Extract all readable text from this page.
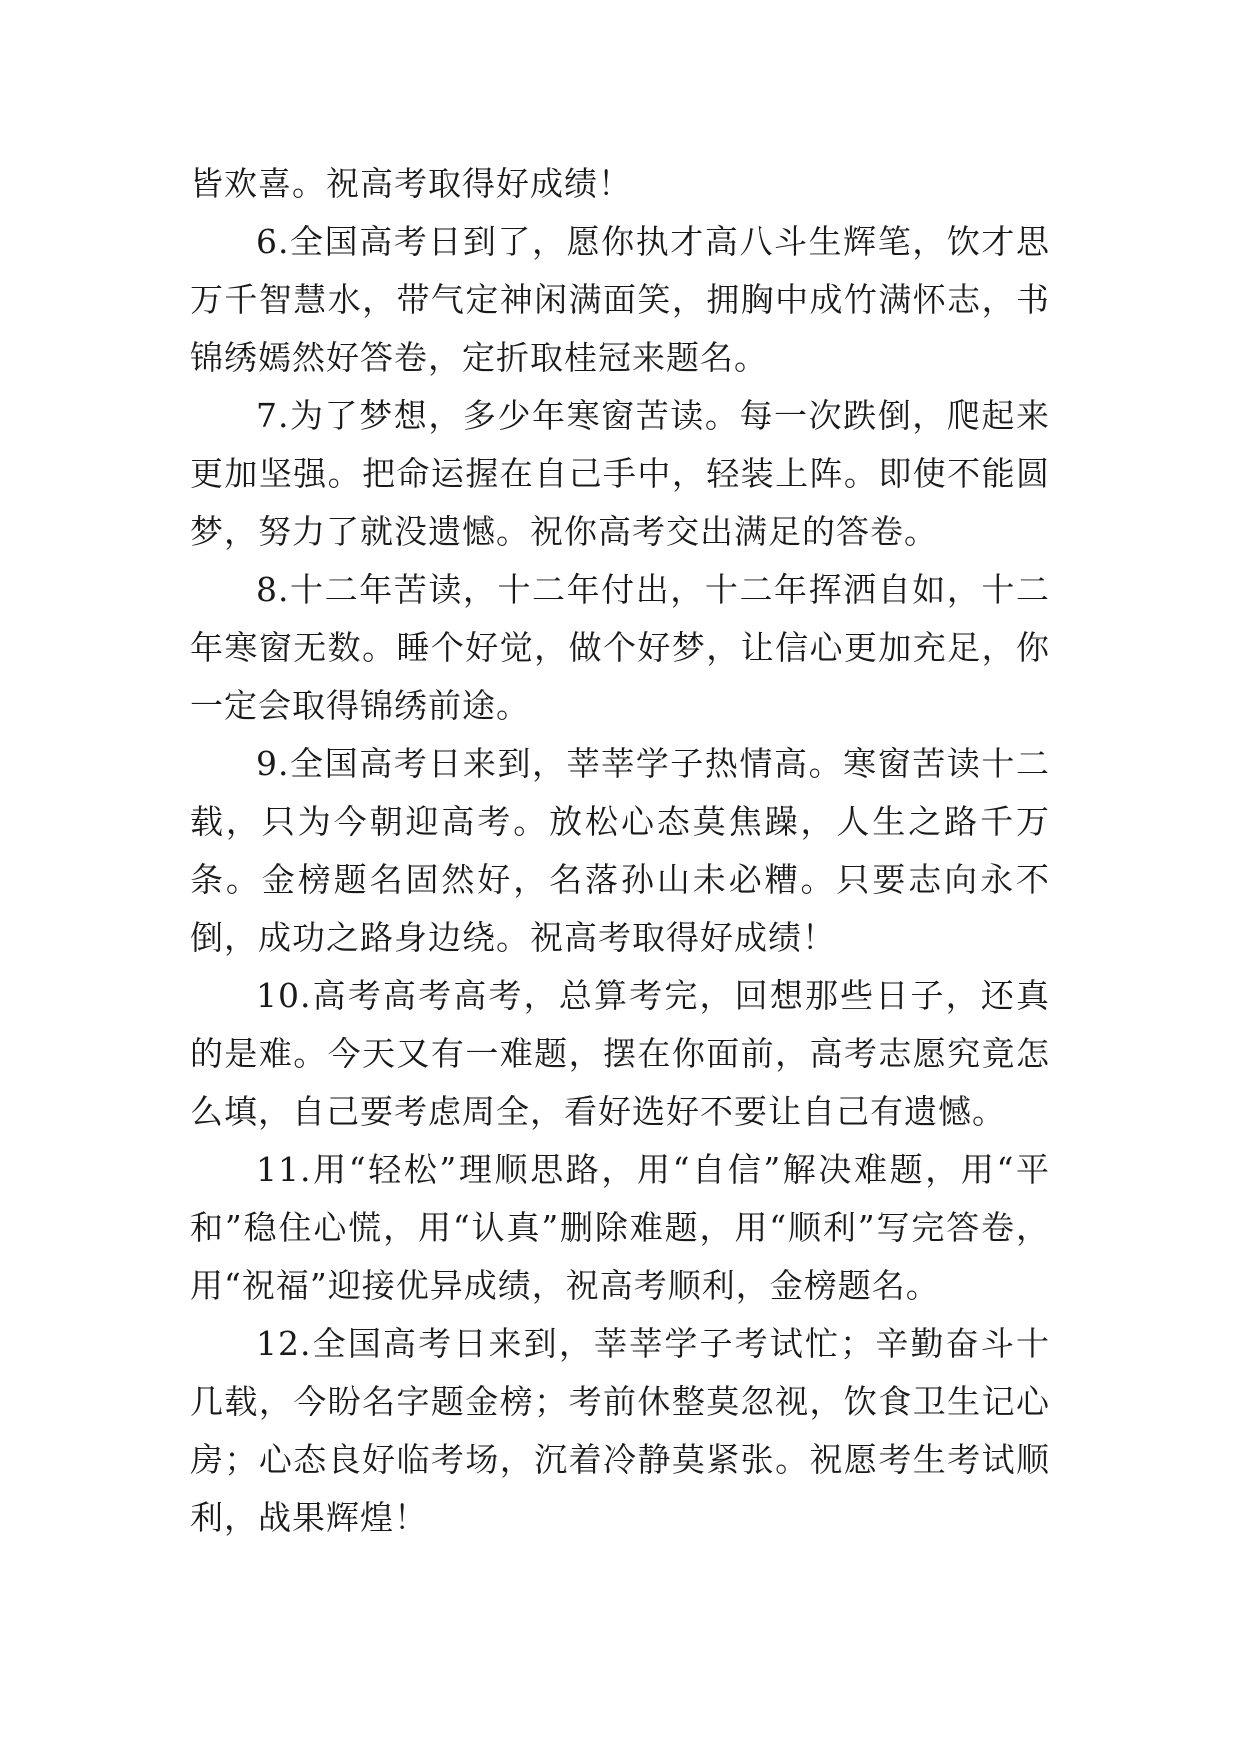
皆欢喜。祝高考取得好成绩！

6.全国高考日到了，愿你执才高八斗生辉笔，饮才思万千智慧水，带气定神闲满面笑，拥胸中成竹满怀志，书锦绣嫣然好答卷，定折取桂冠来题名。

7.为了梦想，多少年寒窗苦读。每一次跌倒，爬起来更加坚强。把命运握在自己手中，轻装上阵。即使不能圆梦，努力了就没遗憾。祝你高考交出满足的答卷。

8.十二年苦读，十二年付出，十二年挥洒自如，十二年寒窗无数。睡个好觉，做个好梦，让信心更加充足，你一定会取得锦绣前途。

9.全国高考日来到，莘莘学子热情高。寒窗苦读十二载，只为今朝迎高考。放松心态莫焦躁，人生之路千万条。金榜题名固然好，名落孙山未必糟。只要志向永不倒，成功之路身边绕。祝高考取得好成绩！

10.高考高考高考，总算考完，回想那些日子，还真的是难。今天又有一难题，摆在你面前，高考志愿究竟怎么填，自己要考虑周全，看好选好不要让自己有遗憾。

11.用“轻松”理顺思路，用“自信”解决难题，用“平和”稳住心慌，用“认真”删除难题，用“顺利”写完答卷，用“祝福”迎接优异成绩，祝高考顺利，金榜题名。

12.全国高考日来到，莘莘学子考试忙；辛勤奋斗十几载，今盼名字题金榜；考前休整莫忽视，饮食卫生记心房；心态良好临考场，沉着冷静莫紧张。祝愿考生考试顺利，战果辉煌！
